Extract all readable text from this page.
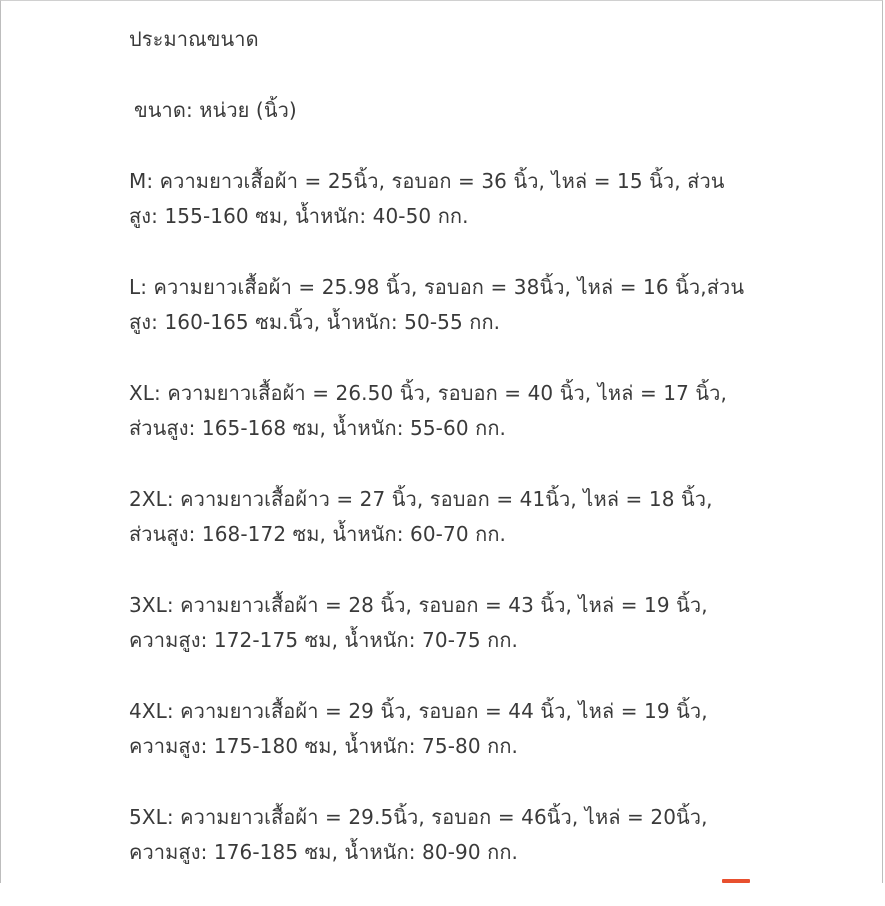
ประมาณขนาด
ขนาด: หน่วย (นิ้ว)
M: ความยาวเสื้อผ้า = 25นิ้ว, รอบอก = 36 นิ้ว, ไหล่ = 15 นิ้ว, ส่วน
สูง: 155-160 ซม, น้ำหนัก: 40-50 กก.
L: ความยาวเสื้อผ้า = 25.98 นิ้ว, รอบอก = 38นิ้ว, ไหล่ = 16 นิ้ว,ส่วน
สูง: 160-165 ซม.นิ้ว, น้ำหนัก: 50-55 กก.
XL: ความยาวเสื้อผ้า = 26.50 นิ้ว, รอบอก = 40 นิ้ว, ไหล่ = 17 นิ้ว,
ส่วนสูง: 165-168 ซม, น้ำหนัก: 55-60 กก.
2XL: ความยาวเสื้อผ้าว = 27 นิ้ว, รอบอก = 41นิ้ว, ไหล่ = 18 นิ้ว,
ส่วนสูง: 168-172 ซม, น้ำหนัก: 60-70 กก.
3XL: ความยาวเสื้อผ้า = 28 นิ้ว, รอบอก = 43 นิ้ว, ไหล่ = 19 นิ้ว,
ความสูง: 172-175 ซม, น้ำหนัก: 70-75 กก.
4XL: ความยาวเสื้อผ้า = 29 นิ้ว, รอบอก = 44 นิ้ว, ไหล่ = 19 นิ้ว,
ความสูง: 175-180 ซม, น้ำหนัก: 75-80 กก.
5XL: ความยาวเสื้อผ้า = 29.5นิ้ว, รอบอก = 46นิ้ว, ไหล่ = 20นิ้ว,
ความสูง: 176-185 ซม, น้ำหนัก: 80-90 กก.
